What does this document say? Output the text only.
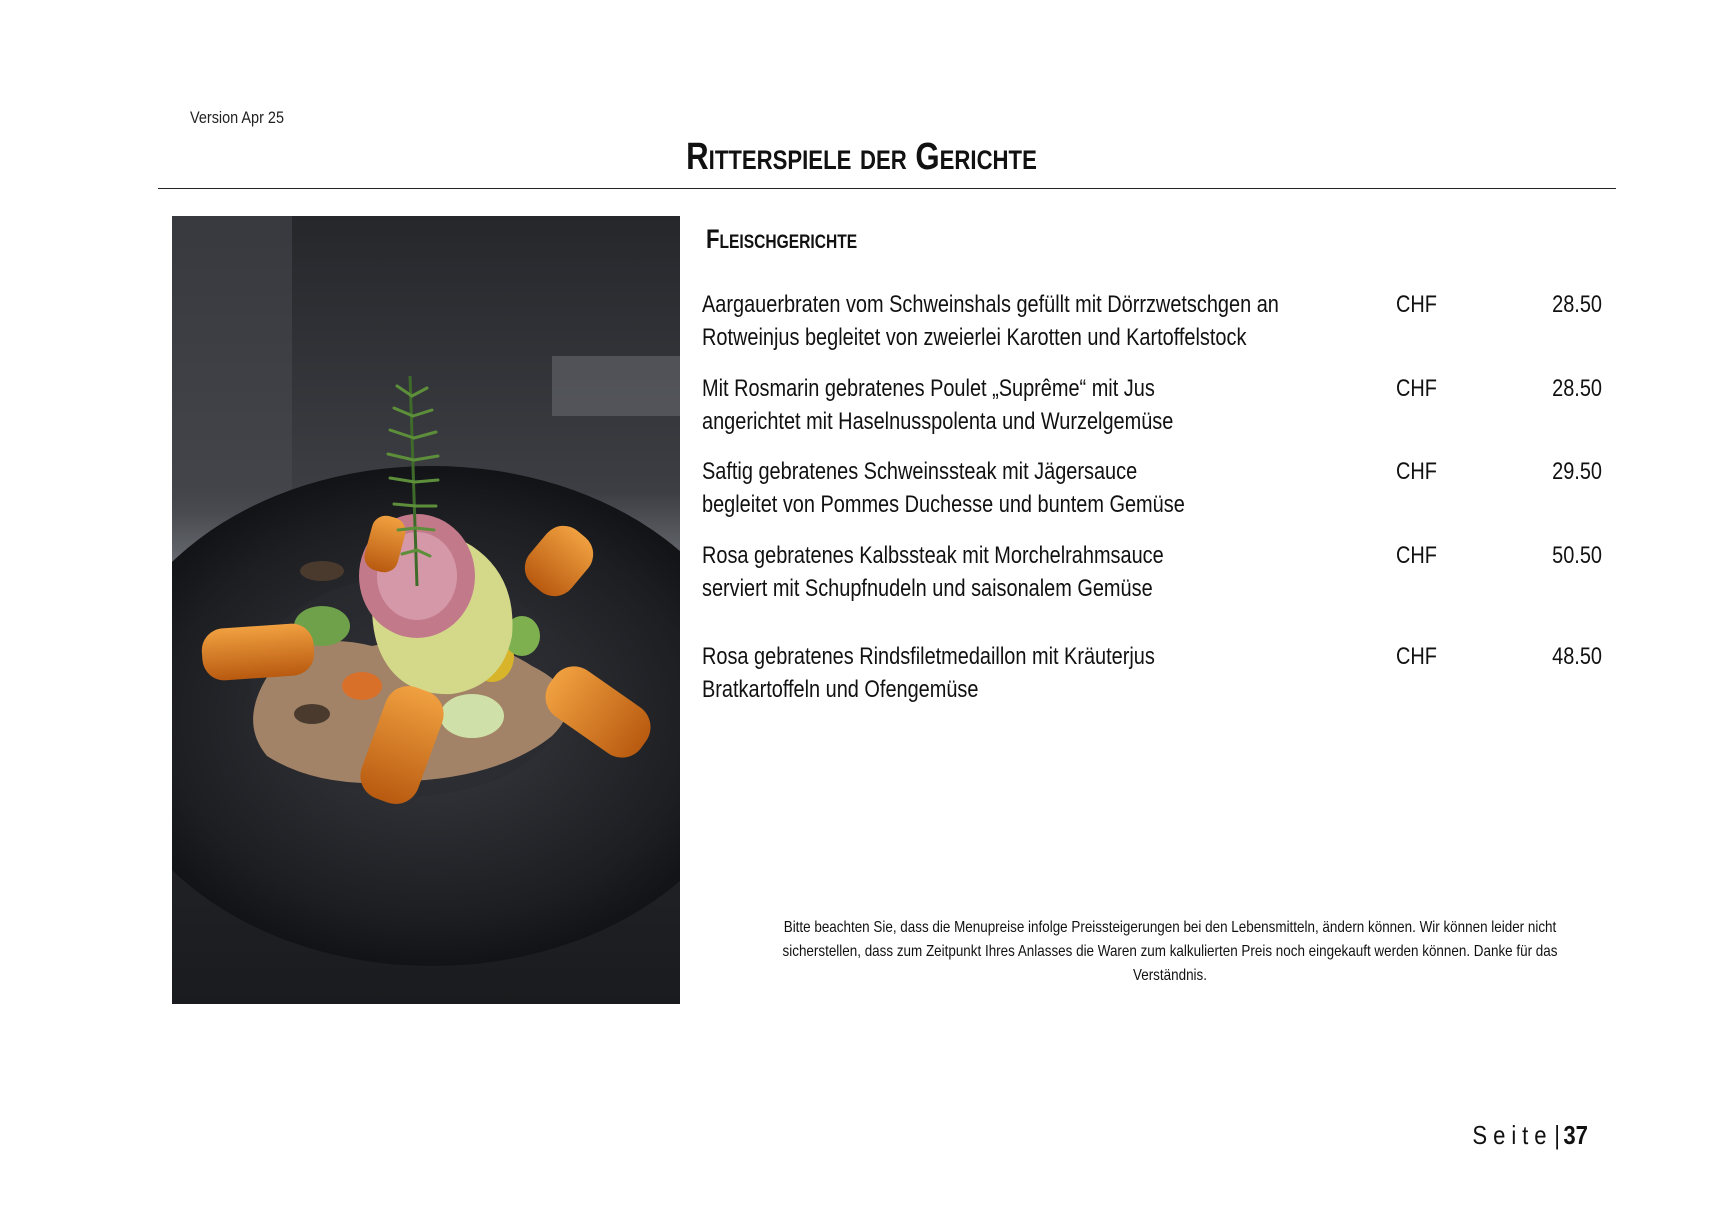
Version Apr 25
Ritterspiele der Gerichte
Fleischgerichte
Aargauerbraten vom Schweinshals gefüllt mit Dörrzwetschgen an
Rotweinjus begleitet von zweierlei Karotten und Kartoffelstock
CHF	28.50
Mit Rosmarin gebratenes Poulet „Suprême“ mit Jus
angerichtet mit Haselnusspolenta und Wurzelgemüse
CHF	28.50
Saftig gebratenes Schweinssteak mit Jägersauce
begleitet von Pommes Duchesse und buntem Gemüse
CHF	29.50
Rosa gebratenes Kalbssteak mit Morchelrahmsauce
serviert mit Schupfnudeln und saisonalem Gemüse
CHF	50.50
Rosa gebratenes Rindsfiletmedaillon mit Kräuterjus
Bratkartoffeln und Ofengemüse
CHF	48.50
Bitte beachten Sie, dass die Menupreise infolge Preissteigerungen bei den Lebensmitteln, ändern können. Wir können leider nicht sicherstellen, dass zum Zeitpunkt Ihres Anlasses die Waren zum kalkulierten Preis noch eingekauft werden können. Danke für das Verständnis.
Seite| 37
